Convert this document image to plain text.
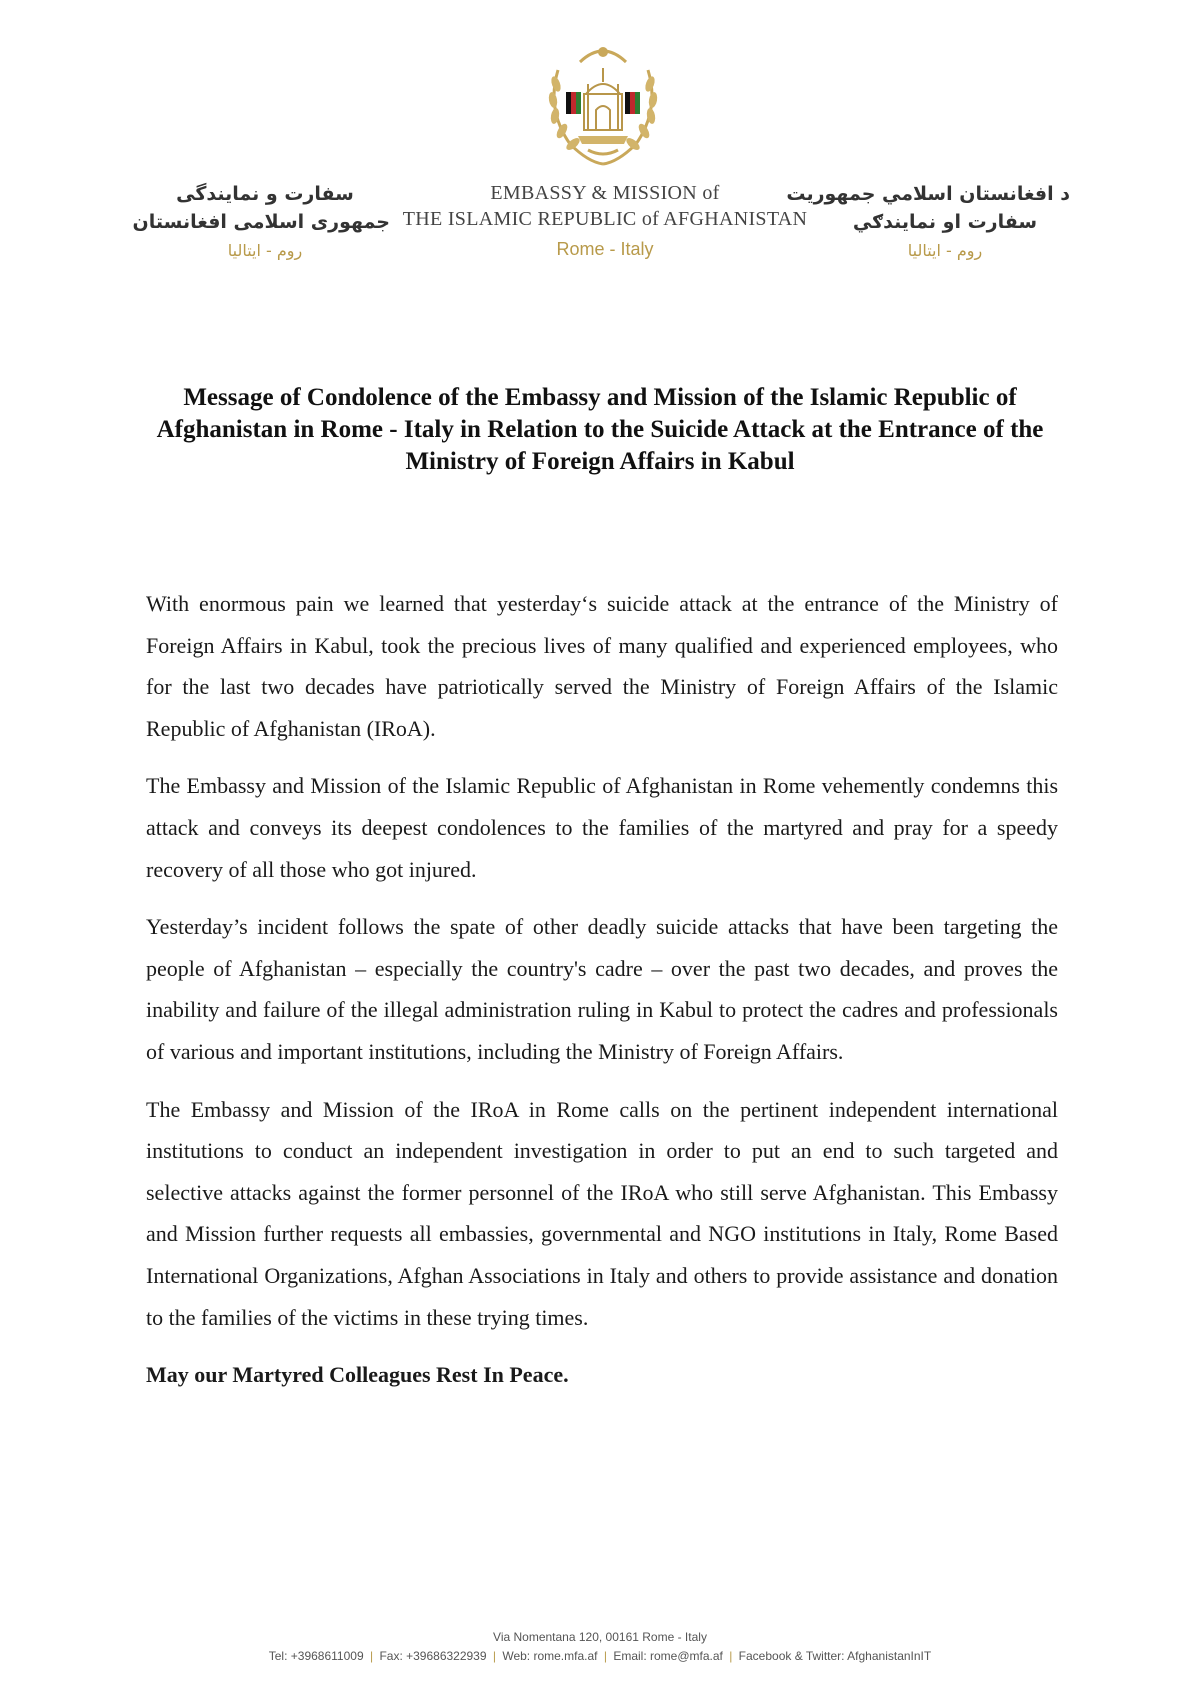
سفارت و نمایندگی
جمهوری اسلامی افغانستان
روم - ایتالیا
EMBASSY & MISSION of
THE ISLAMIC REPUBLIC of AFGHANISTAN
Rome - Italy
د افغانستان اسلامي جمهوریت
سفارت او نمایندګي
روم - ایتالیا
Message of Condolence of the Embassy and Mission of the Islamic Republic of Afghanistan in Rome - Italy in Relation to the Suicide Attack at the Entrance of the Ministry of Foreign Affairs in Kabul

With enormous pain we learned that yesterday‘s suicide attack at the entrance of the Ministry of Foreign Affairs in Kabul, took the precious lives of many qualified and experienced employees, who for the last two decades have patriotically served the Ministry of Foreign Affairs of the Islamic Republic of Afghanistan (IRoA).

The Embassy and Mission of the Islamic Republic of Afghanistan in Rome vehemently condemns this attack and conveys its deepest condolences to the families of the martyred and pray for a speedy recovery of all those who got injured.

Yesterday’s incident follows the spate of other deadly suicide attacks that have been targeting the people of Afghanistan – especially the country's cadre – over the past two decades, and proves the inability and failure of the illegal administration ruling in Kabul to protect the cadres and professionals of various and important institutions, including the Ministry of Foreign Affairs.

The Embassy and Mission of the IRoA in Rome calls on the pertinent independent international institutions to conduct an independent investigation in order to put an end to such targeted and selective attacks against the former personnel of the IRoA who still serve Afghanistan. This Embassy and Mission further requests all embassies, governmental and NGO institutions in Italy, Rome Based International Organizations, Afghan Associations in Italy and others to provide assistance and donation to the families of the victims in these trying times.

May our Martyred Colleagues Rest In Peace.

Via Nomentana 120, 00161 Rome - Italy
Tel: +3968611009 | Fax: +39686322939 | Web: rome.mfa.af | Email: rome@mfa.af | Facebook & Twitter: AfghanistanInIT
